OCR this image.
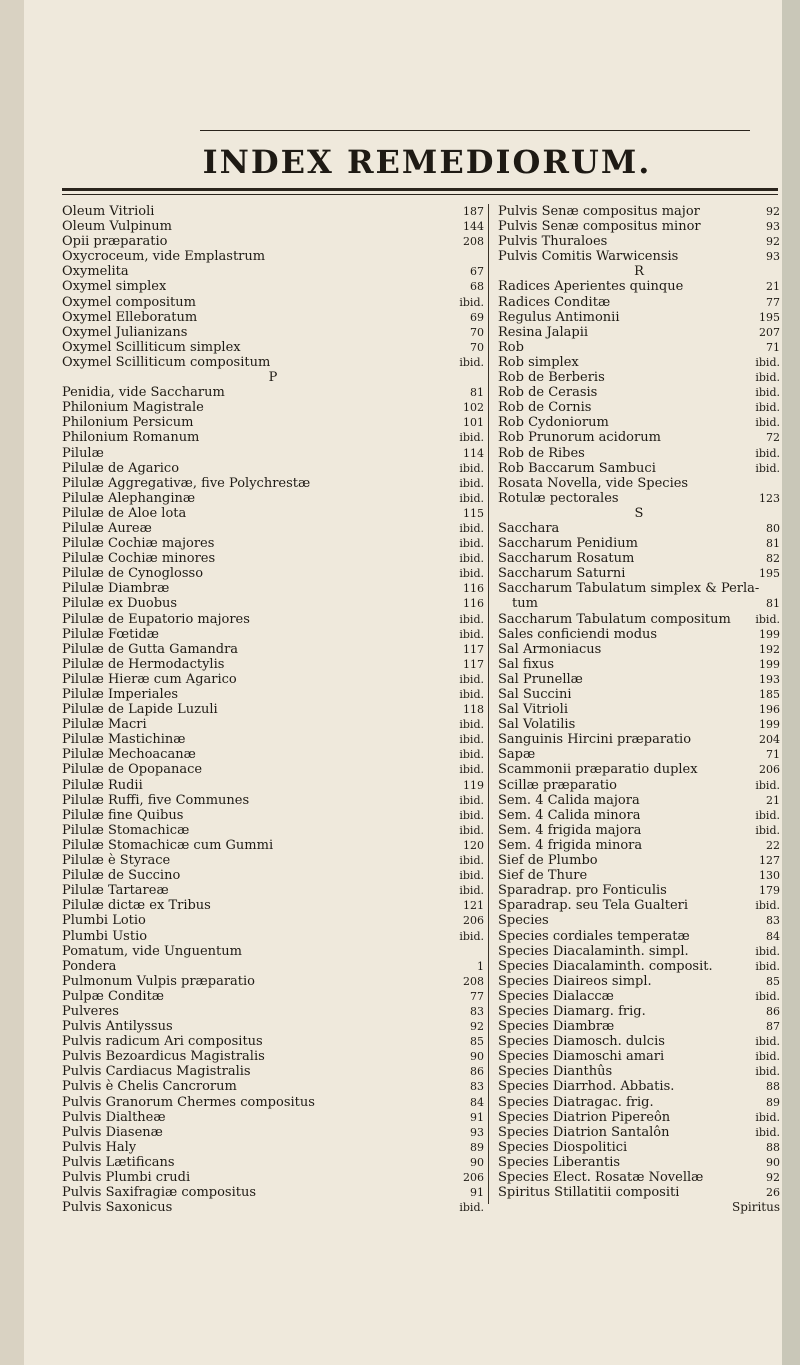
INDEX REMEDIORUM.
Oleum Vitrioli	187
Oleum Vulpinum	144
Opii præparatio	208
Oxycroceum, vide Emplastrum
Oxymelita	67
Oxymel simplex	68
Oxymel compositum	ibid.
Oxymel Elleboratum	69
Oxymel Julianizans	70
Oxymel Scilliticum simplex	70
Oxymel Scilliticum compositum	ibid.
P
Penidia, vide Saccharum	81
Philonium Magistrale	102
Philonium Persicum	101
Philonium Romanum	ibid.
Pilulæ	114
Pilulæ de Agarico	ibid.
Pilulæ Aggregativæ, five Polychrestæ	ibid.
Pilulæ Alephanginæ	ibid.
Pilulæ de Aloe lota	115
Pilulæ Aureæ	ibid.
Pilulæ Cochiæ majores	ibid.
Pilulæ Cochiæ minores	ibid.
Pilulæ de Cynoglosso	ibid.
Pilulæ Diambræ	116
Pilulæ ex Duobus	116
Pilulæ de Eupatorio majores	ibid.
Pilulæ Fœtidæ	ibid.
Pilulæ de Gutta Gamandra	117
Pilulæ de Hermodactylis	117
Pilulæ Hieræ cum Agarico	ibid.
Pilulæ Imperiales	ibid.
Pilulæ de Lapide Luzuli	118
Pilulæ Macri	ibid.
Pilulæ Mastichinæ	ibid.
Pilulæ Mechoacanæ	ibid.
Pilulæ de Opopanace	ibid.
Pilulæ Rudii	119
Pilulæ Ruffi, five Communes	ibid.
Pilulæ fine Quibus	ibid.
Pilulæ Stomachicæ	ibid.
Pilulæ Stomachicæ cum Gummi	120
Pilulæ è Styrace	ibid.
Pilulæ de Succino	ibid.
Pilulæ Tartareæ	ibid.
Pilulæ dictæ ex Tribus	121
Plumbi Lotio	206
Plumbi Ustio	ibid.
Pomatum, vide Unguentum
Pondera	1
Pulmonum Vulpis præparatio	208
Pulpæ Conditæ	77
Pulveres	83
Pulvis Antilyssus	92
Pulvis radicum Ari compositus	85
Pulvis Bezoardicus Magistralis	90
Pulvis Cardiacus Magistralis	86
Pulvis è Chelis Cancrorum	83
Pulvis Granorum Chermes compositus	84
Pulvis Dialtheæ	91
Pulvis Diasenæ	93
Pulvis Haly	89
Pulvis Lætificans	90
Pulvis Plumbi crudi	206
Pulvis Saxifragiæ compositus	91
Pulvis Saxonicus	ibid.
Pulvis Senæ compositus major	92
Pulvis Senæ compositus minor	93
Pulvis Thuraloes	92
Pulvis Comitis Warwicensis	93
R
Radices Aperientes quinque	21
Radices Conditæ	77
Regulus Antimonii	195
Resina Jalapii	207
Rob	71
Rob simplex	ibid.
Rob de Berberis	ibid.
Rob de Cerasis	ibid.
Rob de Cornis	ibid.
Rob Cydoniorum	ibid.
Rob Prunorum acidorum	72
Rob de Ribes	ibid.
Rob Baccarum Sambuci	ibid.
Rosata Novella, vide Species
Rotulæ pectorales	123
S
Sacchara	80
Saccharum Penidium	81
Saccharum Rosatum	82
Saccharum Saturni	195
Saccharum Tabulatum simplex & Perla-
tum	81
Saccharum Tabulatum compositum	ibid.
Sales conficiendi modus	199
Sal Armoniacus	192
Sal fixus	199
Sal Prunellæ	193
Sal Succini	185
Sal Vitrioli	196
Sal Volatilis	199
Sanguinis Hircini præparatio	204
Sapæ	71
Scammonii præparatio duplex	206
Scillæ præparatio	ibid.
Sem. 4 Calida majora	21
Sem. 4 Calida minora	ibid.
Sem. 4 frigida majora	ibid.
Sem. 4 frigida minora	22
Sief de Plumbo	127
Sief de Thure	130
Sparadrap. pro Fonticulis	179
Sparadrap. seu Tela Gualteri	ibid.
Species	83
Species cordiales temperatæ	84
Species Diacalaminth. simpl.	ibid.
Species Diacalaminth. composit.	ibid.
Species Diaireos simpl.	85
Species Dialaccæ	ibid.
Species Diamarg. frig.	86
Species Diambræ	87
Species Diamosch. dulcis	ibid.
Species Diamoschi amari	ibid.
Species Dianthûs	ibid.
Species Diarrhod. Abbatis.	88
Species Diatragac. frig.	89
Species Diatrion Pipereôn	ibid.
Species Diatrion Santalôn	ibid.
Species Diospolitici	88
Species Liberantis	90
Species Elect. Rosatæ Novellæ	92
Spiritus Stillatitii compositi	26
Spiritus
